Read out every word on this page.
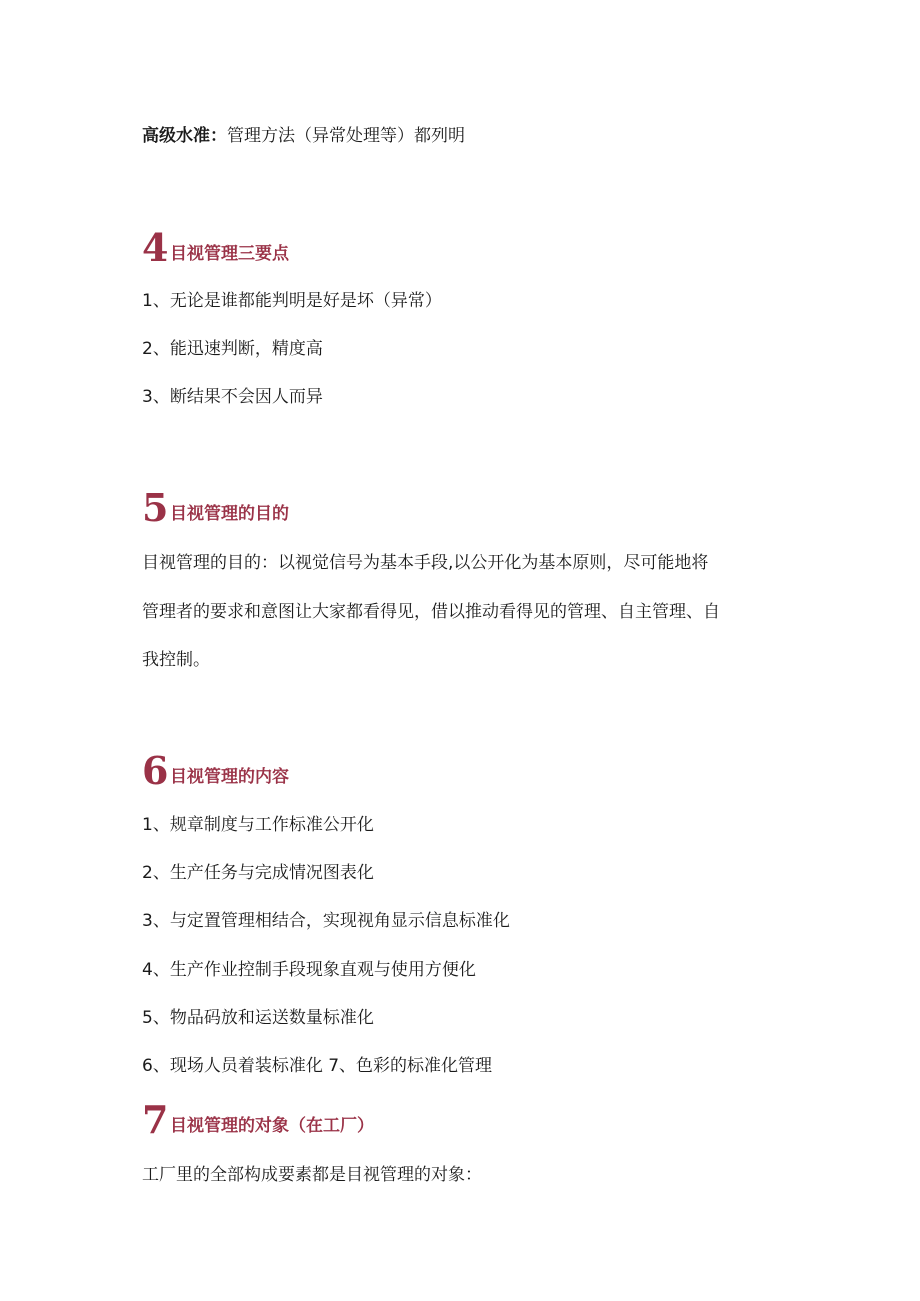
高级水准：管理方法（异常处理等）都列明
4 目视管理三要点
1、无论是谁都能判明是好是坏（异常）
2、能迅速判断，精度高
3、断结果不会因人而异
5 目视管理的目的
目视管理的目的：以视觉信号为基本手段,以公开化为基本原则，尽可能地将
管理者的要求和意图让大家都看得见，借以推动看得见的管理、自主管理、自
我控制。
6 目视管理的内容
1、规章制度与工作标准公开化
2、生产任务与完成情况图表化
3、与定置管理相结合，实现视角显示信息标准化
4、生产作业控制手段现象直观与使用方便化
5、物品码放和运送数量标准化
6、现场人员着装标准化 7、色彩的标准化管理
7 目视管理的对象（在工厂）
工厂里的全部构成要素都是目视管理的对象：
